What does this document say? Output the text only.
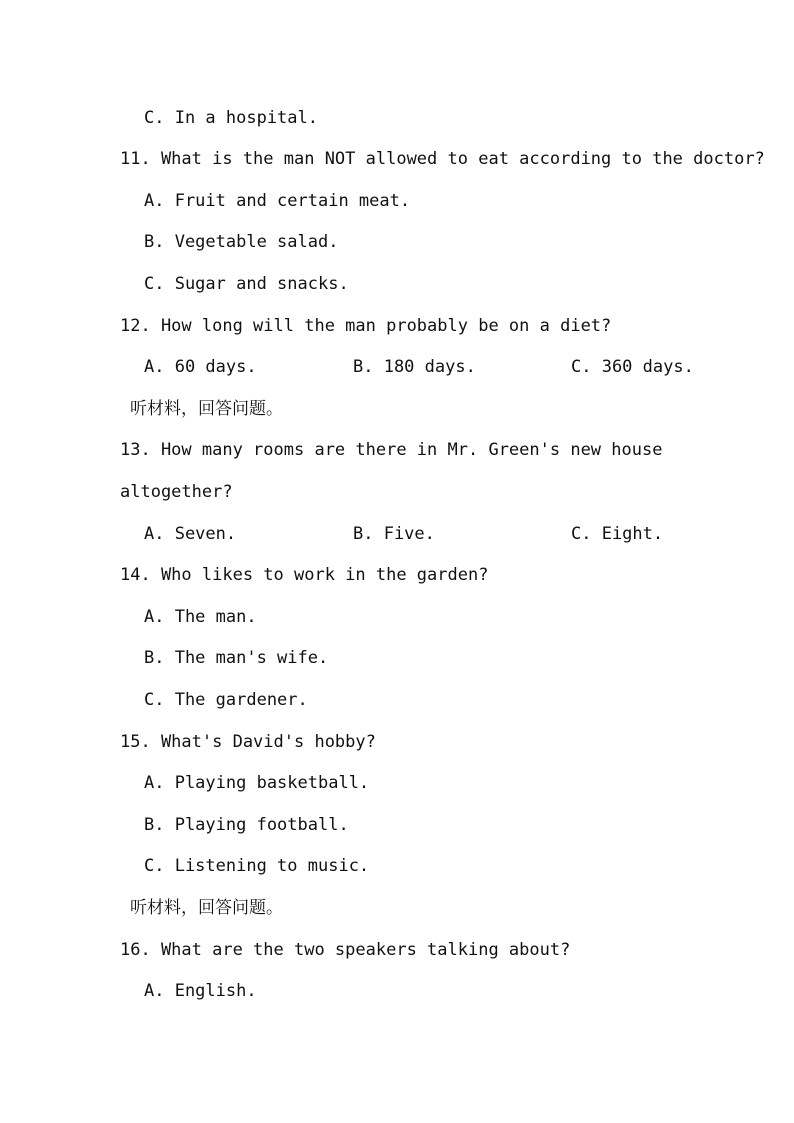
C. In a hospital.
11. What is the man NOT allowed to eat according to the doctor?
A. Fruit and certain meat.
B. Vegetable salad.
C. Sugar and snacks.
12. How long will the man probably be on a diet?
A. 60 days.	B. 180 days.	C. 360 days.
听材料，回答问题。
13. How many rooms are there in Mr. Green's new house
altogether?
A. Seven.	B. Five.	C. Eight.
14. Who likes to work in the garden?
A. The man.
B. The man's wife.
C. The gardener.
15. What's David's hobby?
A. Playing basketball.
B. Playing football.
C. Listening to music.
听材料，回答问题。
16. What are the two speakers talking about?
A. English.
